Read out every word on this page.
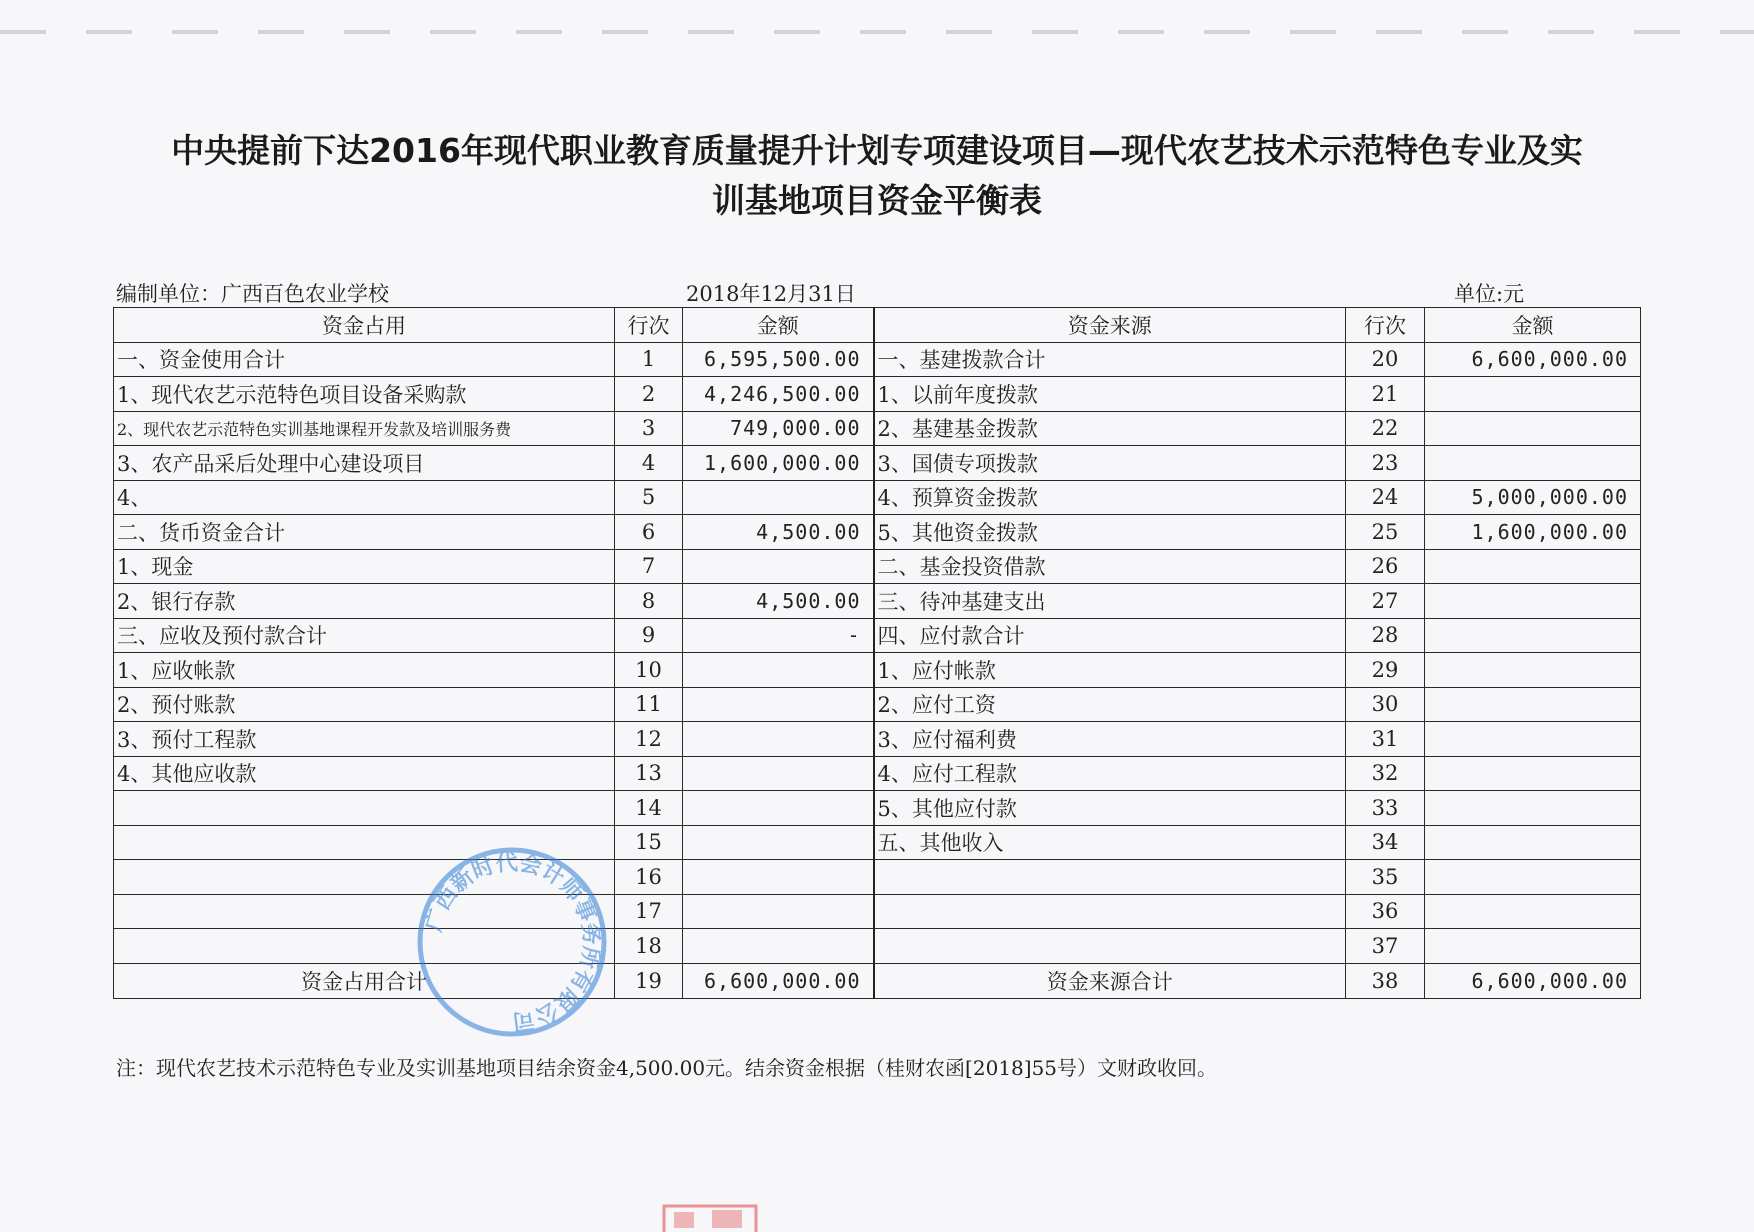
中央提前下达2016年现代职业教育质量提升计划专项建设项目—现代农艺技术示范特色专业及实
训基地项目资金平衡表
编制单位：广西百色农业学校	2018年12月31日	单位:元
资金占用	行次	金额	资金来源	行次	金额
一、资金使用合计	1	6,595,500.00	一、基建拨款合计	20	6,600,000.00
1、现代农艺示范特色项目设备采购款	2	4,246,500.00	1、以前年度拨款	21	
2、现代农艺示范特色实训基地课程开发款及培训服务费	3	749,000.00	2、基建基金拨款	22	
3、农产品采后处理中心建设项目	4	1,600,000.00	3、国债专项拨款	23	
4、	5		4、预算资金拨款	24	5,000,000.00
二、货币资金合计	6	4,500.00	5、其他资金拨款	25	1,600,000.00
1、现金	7		二、基金投资借款	26	
2、银行存款	8	4,500.00	三、待冲基建支出	27	
三、应收及预付款合计	9	-	四、应付款合计	28	
1、应收帐款	10		1、应付帐款	29	
2、预付账款	11		2、应付工资	30	
3、预付工程款	12		3、应付福利费	31	
4、其他应收款	13		4、应付工程款	32	
	14		5、其他应付款	33	
	15		五、其他收入	34	
	16			35	
	17			36	
	18			37	
资金占用合计	19	6,600,000.00	资金来源合计	38	6,600,000.00
注：现代农艺技术示范特色专业及实训基地项目结余资金4,500.00元。结余资金根据（桂财农函[2018]55号）文财政收回。
广西新时代会计师事务所有限公司
